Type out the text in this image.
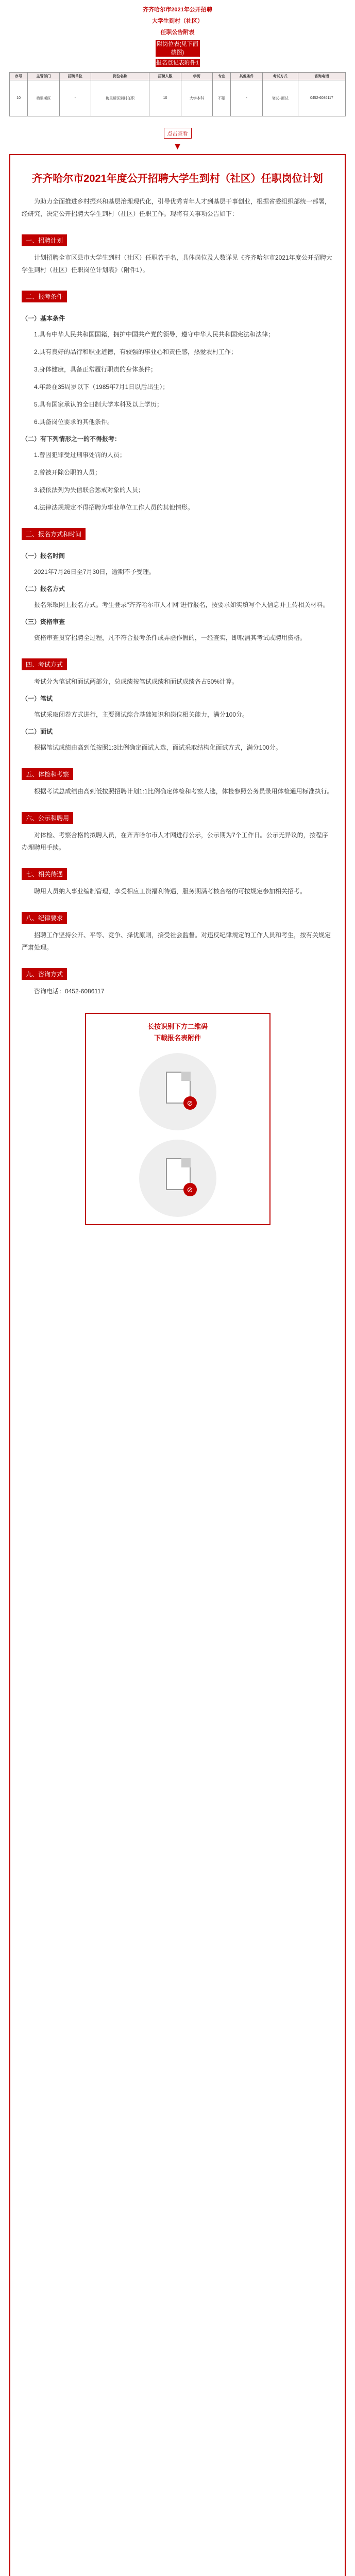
齐齐哈尔市2021年公开招聘
大学生到村（社区）
任职公告附表
附岗位表(见下面截图)
报名登记表附件1
序号	主管部门	招聘单位	岗位名称	招聘人数	学历	专业	其他条件	考试方式	咨询电话
10	梅里斯区	-	梅里斯区到村任职	10	大学本科	不限	-	笔试+面试	0452-6086117
点击查看
▼
齐齐哈尔市2021年度公开招聘大学生到村（社区）任职岗位计划

为助力全面推进乡村振兴和基层治理现代化，引导优秀青年人才到基层干事创业，根据省委组织部统一部署，经研究，决定公开招聘大学生到村（社区）任职工作。现将有关事项公告如下：

一、招聘计划

计划招聘全市区县市大学生到村（社区）任职若干名，具体岗位及人数详见《齐齐哈尔市2021年度公开招聘大学生到村（社区）任职岗位计划表》（附件1）。

二、报考条件
（一）基本条件

1.具有中华人民共和国国籍，拥护中国共产党的领导，遵守中华人民共和国宪法和法律；

2.具有良好的品行和职业道德，有较强的事业心和责任感，热爱农村工作；

3.身体健康，具备正常履行职责的身体条件；

4.年龄在35周岁以下（1985年7月1日以后出生）；

5.具有国家承认的全日制大学本科及以上学历；

6.具备岗位要求的其他条件。

（二）有下列情形之一的不得报考：

1.曾因犯罪受过刑事处罚的人员；

2.曾被开除公职的人员；

3.被依法列为失信联合惩戒对象的人员；

4.法律法规规定不得招聘为事业单位工作人员的其他情形。

三、报名方式和时间
（一）报名时间

2021年7月26日至7月30日，逾期不予受理。

（二）报名方式

报名采取网上报名方式。考生登录"齐齐哈尔市人才网"进行报名，按要求如实填写个人信息并上传相关材料。

（三）资格审查

资格审查贯穿招聘全过程，凡不符合报考条件或弄虚作假的，一经查实，即取消其考试或聘用资格。

四、考试方式

考试分为笔试和面试两部分，总成绩按笔试成绩和面试成绩各占50%计算。

（一）笔试

笔试采取闭卷方式进行，主要测试综合基础知识和岗位相关能力，满分100分。

（二）面试

根据笔试成绩由高到低按照1:3比例确定面试人选，面试采取结构化面试方式，满分100分。

五、体检和考察

根据考试总成绩由高到低按照招聘计划1:1比例确定体检和考察人选，体检参照公务员录用体检通用标准执行。

六、公示和聘用

对体检、考察合格的拟聘人员，在齐齐哈尔市人才网进行公示，公示期为7个工作日。公示无异议的，按程序办理聘用手续。

七、相关待遇

聘用人员纳入事业编制管理，享受相应工资福利待遇，服务期满考核合格的可按规定参加相关招考。

八、纪律要求

招聘工作坚持公开、平等、竞争、择优原则，接受社会监督。对违反纪律规定的工作人员和考生，按有关规定严肃处理。

九、咨询方式

咨询电话：0452-6086117

长按识别下方二维码
下载报名表附件
⊘
⊘
